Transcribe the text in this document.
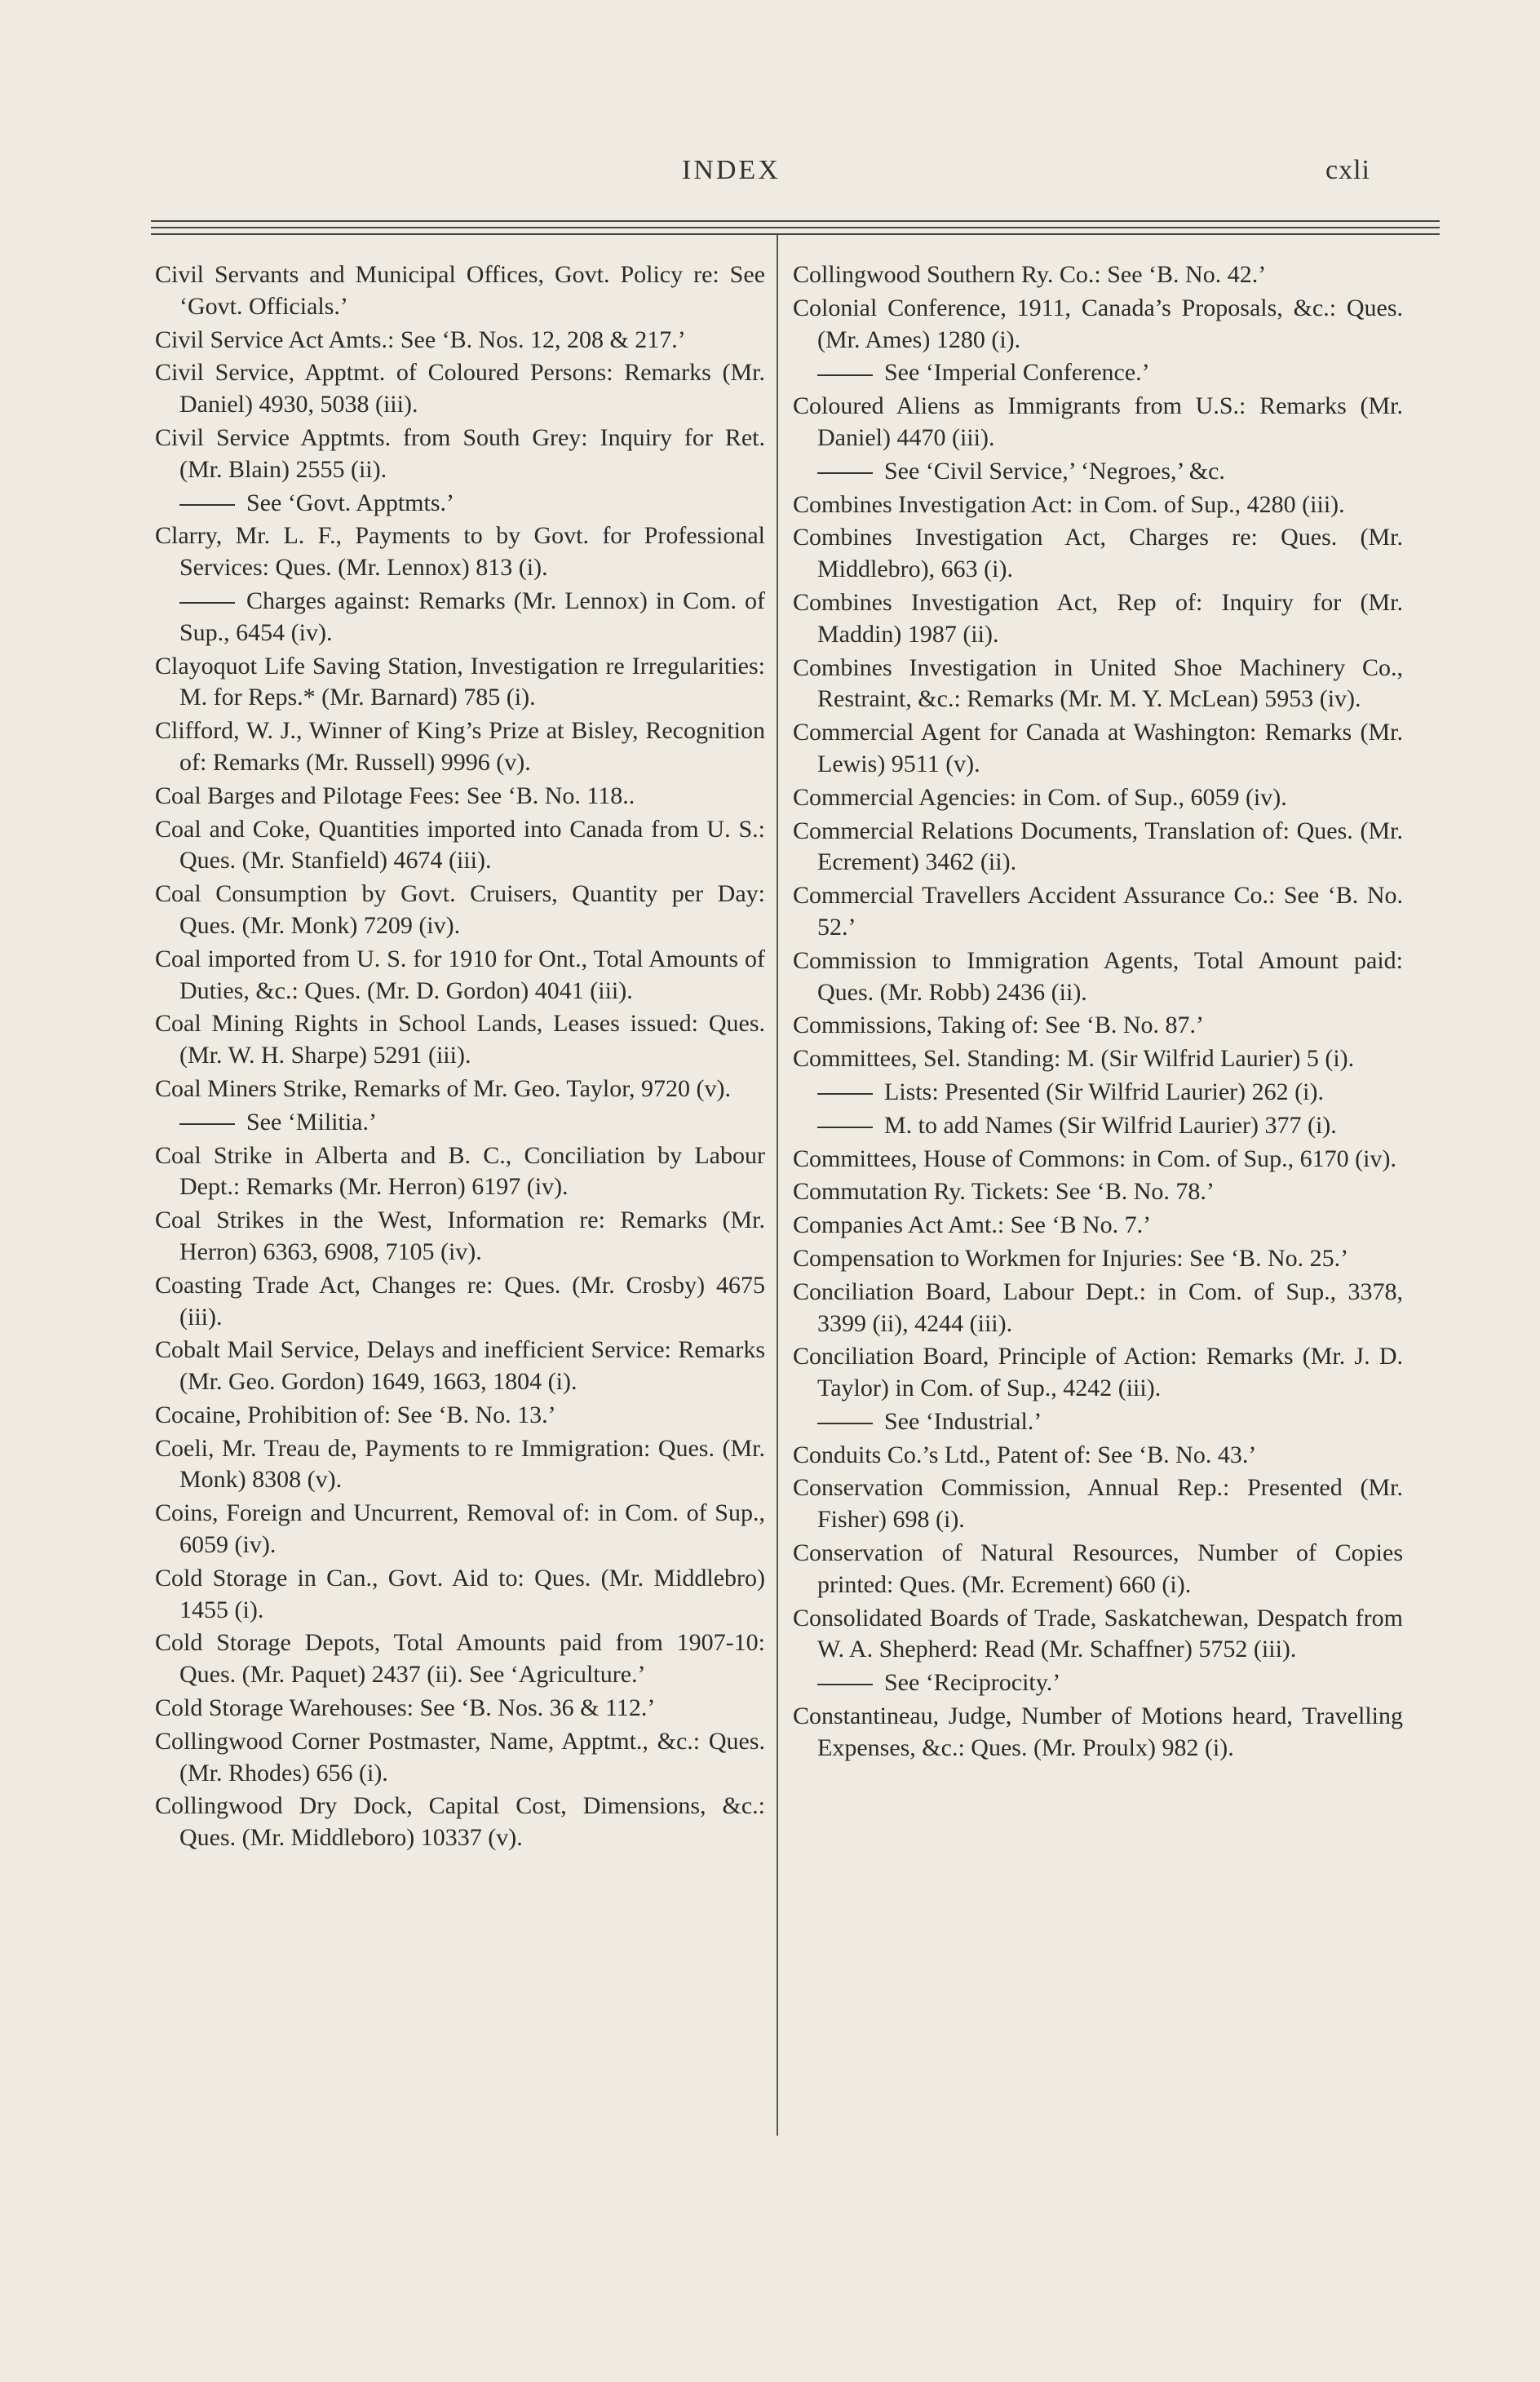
INDEX	cxli

Civil Servants and Municipal Offices, Govt. Policy re: See ‘Govt. Officials.’

Civil Service Act Amts.: See ‘B. Nos. 12, 208 & 217.’

Civil Service, Apptmt. of Coloured Persons: Remarks (Mr. Daniel) 4930, 5038 (iii).

Civil Service Apptmts. from South Grey: Inquiry for Ret. (Mr. Blain) 2555 (ii).

See ‘Govt. Apptmts.’

Clarry, Mr. L. F., Payments to by Govt. for Professional Services: Ques. (Mr. Lennox) 813 (i).

Charges against: Remarks (Mr. Lennox) in Com. of Sup., 6454 (iv).

Clayoquot Life Saving Station, Investigation re Irregularities: M. for Reps.* (Mr. Barnard) 785 (i).

Clifford, W. J., Winner of King’s Prize at Bisley, Recognition of: Remarks (Mr. Russell) 9996 (v).

Coal Barges and Pilotage Fees: See ‘B. No. 118..

Coal and Coke, Quantities imported into Canada from U. S.: Ques. (Mr. Stanfield) 4674 (iii).

Coal Consumption by Govt. Cruisers, Quantity per Day: Ques. (Mr. Monk) 7209 (iv).

Coal imported from U. S. for 1910 for Ont., Total Amounts of Duties, &c.: Ques. (Mr. D. Gordon) 4041 (iii).

Coal Mining Rights in School Lands, Leases issued: Ques. (Mr. W. H. Sharpe) 5291 (iii).

Coal Miners Strike, Remarks of Mr. Geo. Taylor, 9720 (v).

See ‘Militia.’

Coal Strike in Alberta and B. C., Conciliation by Labour Dept.: Remarks (Mr. Herron) 6197 (iv).

Coal Strikes in the West, Information re: Remarks (Mr. Herron) 6363, 6908, 7105 (iv).

Coasting Trade Act, Changes re: Ques. (Mr. Crosby) 4675 (iii).

Cobalt Mail Service, Delays and inefficient Service: Remarks (Mr. Geo. Gordon) 1649, 1663, 1804 (i).

Cocaine, Prohibition of: See ‘B. No. 13.’

Coeli, Mr. Treau de, Payments to re Immigration: Ques. (Mr. Monk) 8308 (v).

Coins, Foreign and Uncurrent, Removal of: in Com. of Sup., 6059 (iv).

Cold Storage in Can., Govt. Aid to: Ques. (Mr. Middlebro) 1455 (i).

Cold Storage Depots, Total Amounts paid from 1907-10: Ques. (Mr. Paquet) 2437 (ii). See ‘Agriculture.’

Cold Storage Warehouses: See ‘B. Nos. 36 & 112.’

Collingwood Corner Postmaster, Name, Apptmt., &c.: Ques. (Mr. Rhodes) 656 (i).

Collingwood Dry Dock, Capital Cost, Dimensions, &c.: Ques. (Mr. Middleboro) 10337 (v).

Collingwood Southern Ry. Co.: See ‘B. No. 42.’

Colonial Conference, 1911, Canada’s Proposals, &c.: Ques. (Mr. Ames) 1280 (i).

See ‘Imperial Conference.’

Coloured Aliens as Immigrants from U.S.: Remarks (Mr. Daniel) 4470 (iii).

See ‘Civil Service,’ ‘Negroes,’ &c.

Combines Investigation Act: in Com. of Sup., 4280 (iii).

Combines Investigation Act, Charges re: Ques. (Mr. Middlebro), 663 (i).

Combines Investigation Act, Rep of: Inquiry for (Mr. Maddin) 1987 (ii).

Combines Investigation in United Shoe Machinery Co., Restraint, &c.: Remarks (Mr. M. Y. McLean) 5953 (iv).

Commercial Agent for Canada at Washington: Remarks (Mr. Lewis) 9511 (v).

Commercial Agencies: in Com. of Sup., 6059 (iv).

Commercial Relations Documents, Translation of: Ques. (Mr. Ecrement) 3462 (ii).

Commercial Travellers Accident Assurance Co.: See ‘B. No. 52.’

Commission to Immigration Agents, Total Amount paid: Ques. (Mr. Robb) 2436 (ii).

Commissions, Taking of: See ‘B. No. 87.’

Committees, Sel. Standing: M. (Sir Wilfrid Laurier) 5 (i).

Lists: Presented (Sir Wilfrid Laurier) 262 (i).

M. to add Names (Sir Wilfrid Laurier) 377 (i).

Committees, House of Commons: in Com. of Sup., 6170 (iv).

Commutation Ry. Tickets: See ‘B. No. 78.’

Companies Act Amt.: See ‘B No. 7.’

Compensation to Workmen for Injuries: See ‘B. No. 25.’

Conciliation Board, Labour Dept.: in Com. of Sup., 3378, 3399 (ii), 4244 (iii).

Conciliation Board, Principle of Action: Remarks (Mr. J. D. Taylor) in Com. of Sup., 4242 (iii).

See ‘Industrial.’

Conduits Co.’s Ltd., Patent of: See ‘B. No. 43.’

Conservation Commission, Annual Rep.: Presented (Mr. Fisher) 698 (i).

Conservation of Natural Resources, Number of Copies printed: Ques. (Mr. Ecrement) 660 (i).

Consolidated Boards of Trade, Saskatchewan, Despatch from W. A. Shepherd: Read (Mr. Schaffner) 5752 (iii).

See ‘Reciprocity.’

Constantineau, Judge, Number of Motions heard, Travelling Expenses, &c.: Ques. (Mr. Proulx) 982 (i).
